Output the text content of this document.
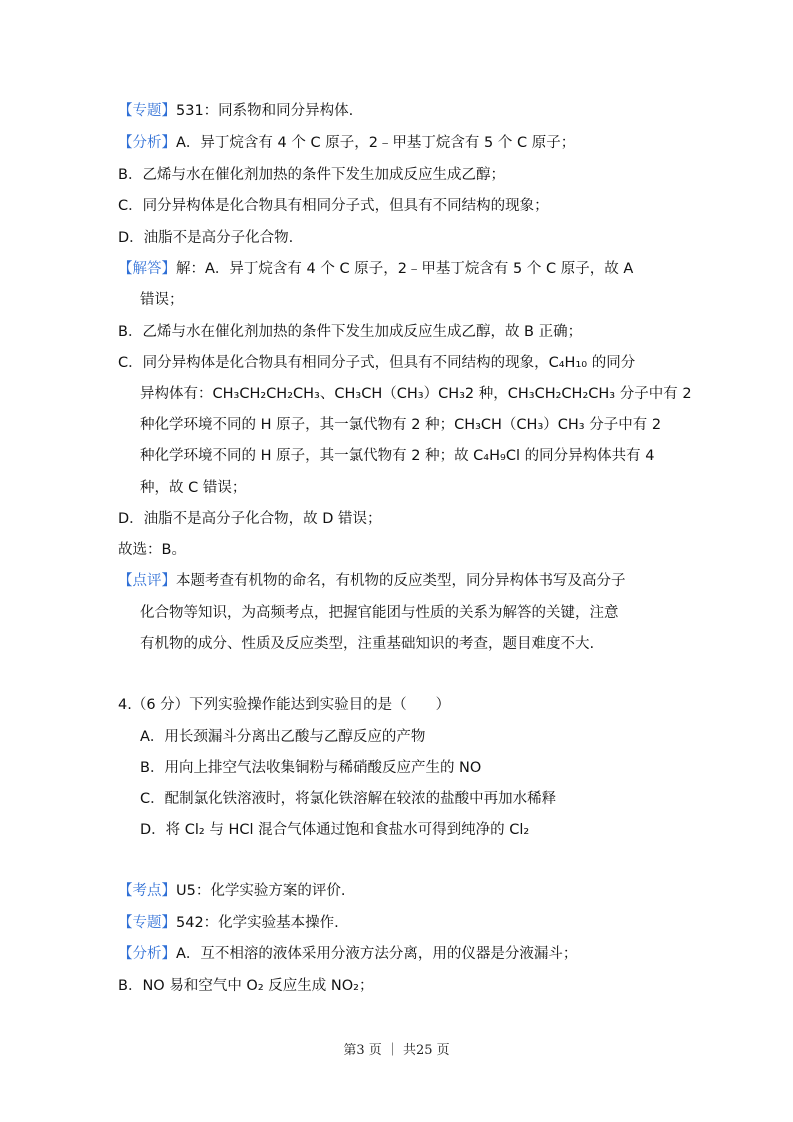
【专题】531：同系物和同分异构体.
【分析】A．异丁烷含有 4 个 C 原子，2﹣甲基丁烷含有 5 个 C 原子；
B．乙烯与水在催化剂加热的条件下发生加成反应生成乙醇；
C．同分异构体是化合物具有相同分子式，但具有不同结构的现象；
D．油脂不是高分子化合物.
【解答】解：A．异丁烷含有 4 个 C 原子，2﹣甲基丁烷含有 5 个 C 原子，故 A
错误；
B．乙烯与水在催化剂加热的条件下发生加成反应生成乙醇，故 B 正确；
C．同分异构体是化合物具有相同分子式，但具有不同结构的现象，C₄H₁₀ 的同分
异构体有：CH₃CH₂CH₂CH₃、CH₃CH（CH₃）CH₃2 种，CH₃CH₂CH₂CH₃ 分子中有 2
种化学环境不同的 H 原子，其一氯代物有 2 种；CH₃CH（CH₃）CH₃ 分子中有 2
种化学环境不同的 H 原子，其一氯代物有 2 种；故 C₄H₉Cl 的同分异构体共有 4
种，故 C 错误；
D．油脂不是高分子化合物，故 D 错误；
故选：B。
【点评】本题考查有机物的命名，有机物的反应类型，同分异构体书写及高分子
化合物等知识，为高频考点，把握官能团与性质的关系为解答的关键，注意
有机物的成分、性质及反应类型，注重基础知识的考查，题目难度不大.
4.（6 分）下列实验操作能达到实验目的是（　　）
A．用长颈漏斗分离出乙酸与乙醇反应的产物
B．用向上排空气法收集铜粉与稀硝酸反应产生的 NO
C．配制氯化铁溶液时，将氯化铁溶解在较浓的盐酸中再加水稀释
D．将 Cl₂ 与 HCl 混合气体通过饱和食盐水可得到纯净的 Cl₂
【考点】U5：化学实验方案的评价.
【专题】542：化学实验基本操作.
【分析】A．互不相溶的液体采用分液方法分离，用的仪器是分液漏斗；
B．NO 易和空气中 O₂ 反应生成 NO₂；
第3 页 ｜ 共25 页
